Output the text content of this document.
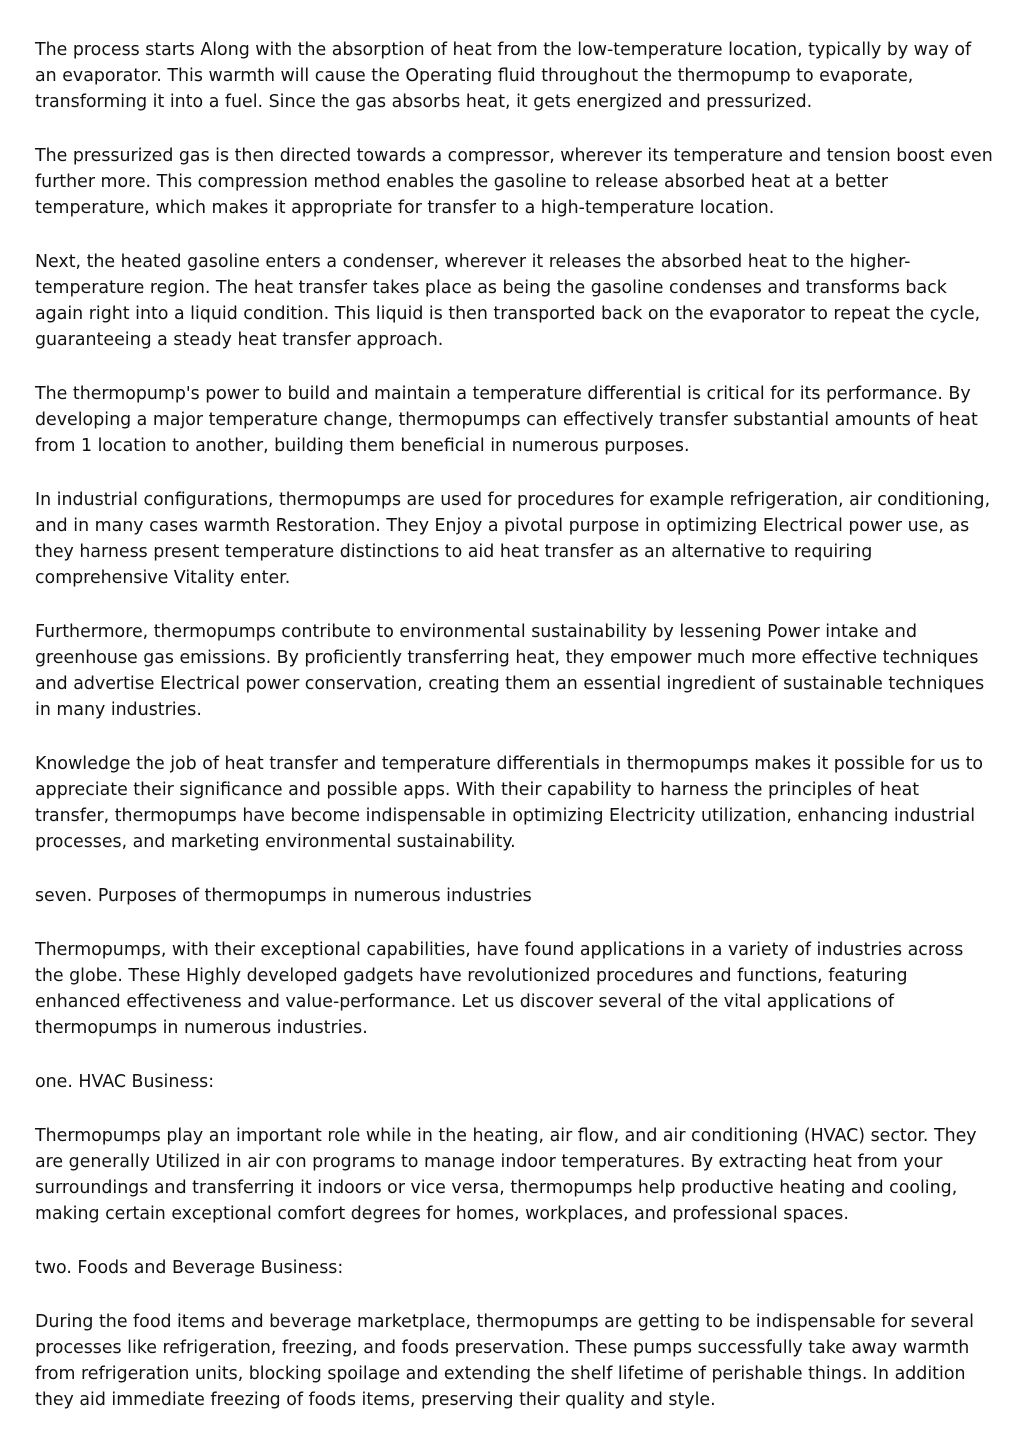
The process starts Along with the absorption of heat from the low-temperature location, typically by way of an evaporator. This warmth will cause the Operating fluid throughout the thermopump to evaporate, transforming it into a fuel. Since the gas absorbs heat, it gets energized and pressurized.

The pressurized gas is then directed towards a compressor, wherever its temperature and tension boost even further more. This compression method enables the gasoline to release absorbed heat at a better temperature, which makes it appropriate for transfer to a high-temperature location.

Next, the heated gasoline enters a condenser, wherever it releases the absorbed heat to the higher-temperature region. The heat transfer takes place as being the gasoline condenses and transforms back again right into a liquid condition. This liquid is then transported back on the evaporator to repeat the cycle, guaranteeing a steady heat transfer approach.

The thermopump's power to build and maintain a temperature differential is critical for its performance. By developing a major temperature change, thermopumps can effectively transfer substantial amounts of heat from 1 location to another, building them beneficial in numerous purposes.

In industrial configurations, thermopumps are used for procedures for example refrigeration, air conditioning, and in many cases warmth Restoration. They Enjoy a pivotal purpose in optimizing Electrical power use, as they harness present temperature distinctions to aid heat transfer as an alternative to requiring comprehensive Vitality enter.

Furthermore, thermopumps contribute to environmental sustainability by lessening Power intake and greenhouse gas emissions. By proficiently transferring heat, they empower much more effective techniques and advertise Electrical power conservation, creating them an essential ingredient of sustainable techniques in many industries.

Knowledge the job of heat transfer and temperature differentials in thermopumps makes it possible for us to appreciate their significance and possible apps. With their capability to harness the principles of heat transfer, thermopumps have become indispensable in optimizing Electricity utilization, enhancing industrial processes, and marketing environmental sustainability.

seven. Purposes of thermopumps in numerous industries

Thermopumps, with their exceptional capabilities, have found applications in a variety of industries across the globe. These Highly developed gadgets have revolutionized procedures and functions, featuring enhanced effectiveness and value-performance. Let us discover several of the vital applications of thermopumps in numerous industries.

one. HVAC Business:

Thermopumps play an important role while in the heating, air flow, and air conditioning (HVAC) sector. They are generally Utilized in air con programs to manage indoor temperatures. By extracting heat from your surroundings and transferring it indoors or vice versa, thermopumps help productive heating and cooling, making certain exceptional comfort degrees for homes, workplaces, and professional spaces.

two. Foods and Beverage Business:

During the food items and beverage marketplace, thermopumps are getting to be indispensable for several processes like refrigeration, freezing, and foods preservation. These pumps successfully take away warmth from refrigeration units, blocking spoilage and extending the shelf lifetime of perishable things. In addition they aid immediate freezing of foods items, preserving their quality and style.
